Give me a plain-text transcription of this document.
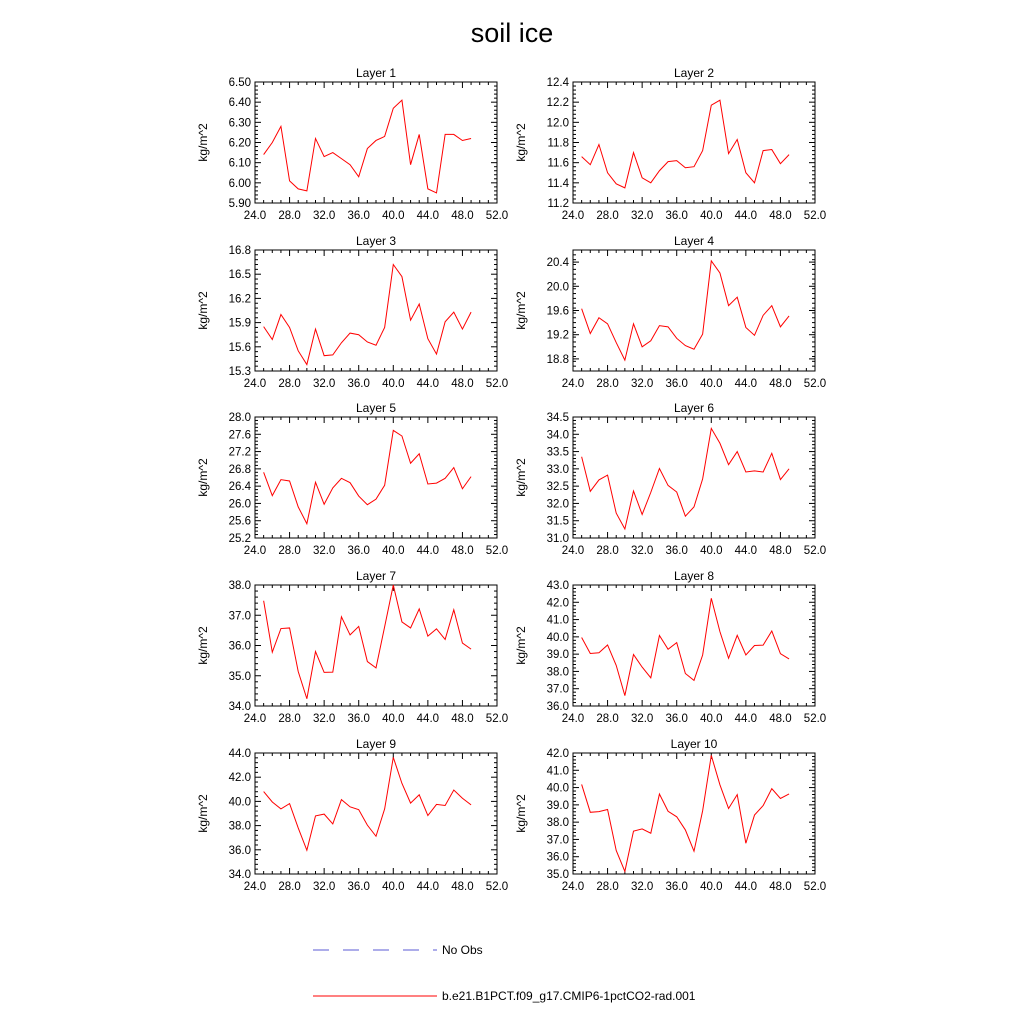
soil ice
Layer 1
kg/m^2
24.0 28.0 32.0 36.0 40.0 44.0 48.0 52.0
5.90
6.00
6.10
6.20
6.30
6.40
6.50
Layer 2
kg/m^2
24.0 28.0 32.0 36.0 40.0 44.0 48.0 52.0
11.2
11.4
11.6
11.8
12.0
12.2
12.4
Layer 3
kg/m^2
24.0 28.0 32.0 36.0 40.0 44.0 48.0 52.0
15.3
15.6
15.9
16.2
16.5
16.8
Layer 4
kg/m^2
24.0 28.0 32.0 36.0 40.0 44.0 48.0 52.0
18.8
19.2
19.6
20.0
20.4
Layer 5
kg/m^2
24.0 28.0 32.0 36.0 40.0 44.0 48.0 52.0
25.2
25.6
26.0
26.4
26.8
27.2
27.6
28.0
Layer 6
kg/m^2
24.0 28.0 32.0 36.0 40.0 44.0 48.0 52.0
31.0
31.5
32.0
32.5
33.0
33.5
34.0
34.5
Layer 7
kg/m^2
24.0 28.0 32.0 36.0 40.0 44.0 48.0 52.0
34.0
35.0
36.0
37.0
38.0
Layer 8
kg/m^2
24.0 28.0 32.0 36.0 40.0 44.0 48.0 52.0
36.0
37.0
38.0
39.0
40.0
41.0
42.0
43.0
Layer 9
kg/m^2
24.0 28.0 32.0 36.0 40.0 44.0 48.0 52.0
34.0
36.0
38.0
40.0
42.0
44.0
Layer 10
kg/m^2
24.0 28.0 32.0 36.0 40.0 44.0 48.0 52.0
35.0
36.0
37.0
38.0
39.0
40.0
41.0
42.0
No Obs
b.e21.B1PCT.f09_g17.CMIP6-1pctCO2-rad.001
